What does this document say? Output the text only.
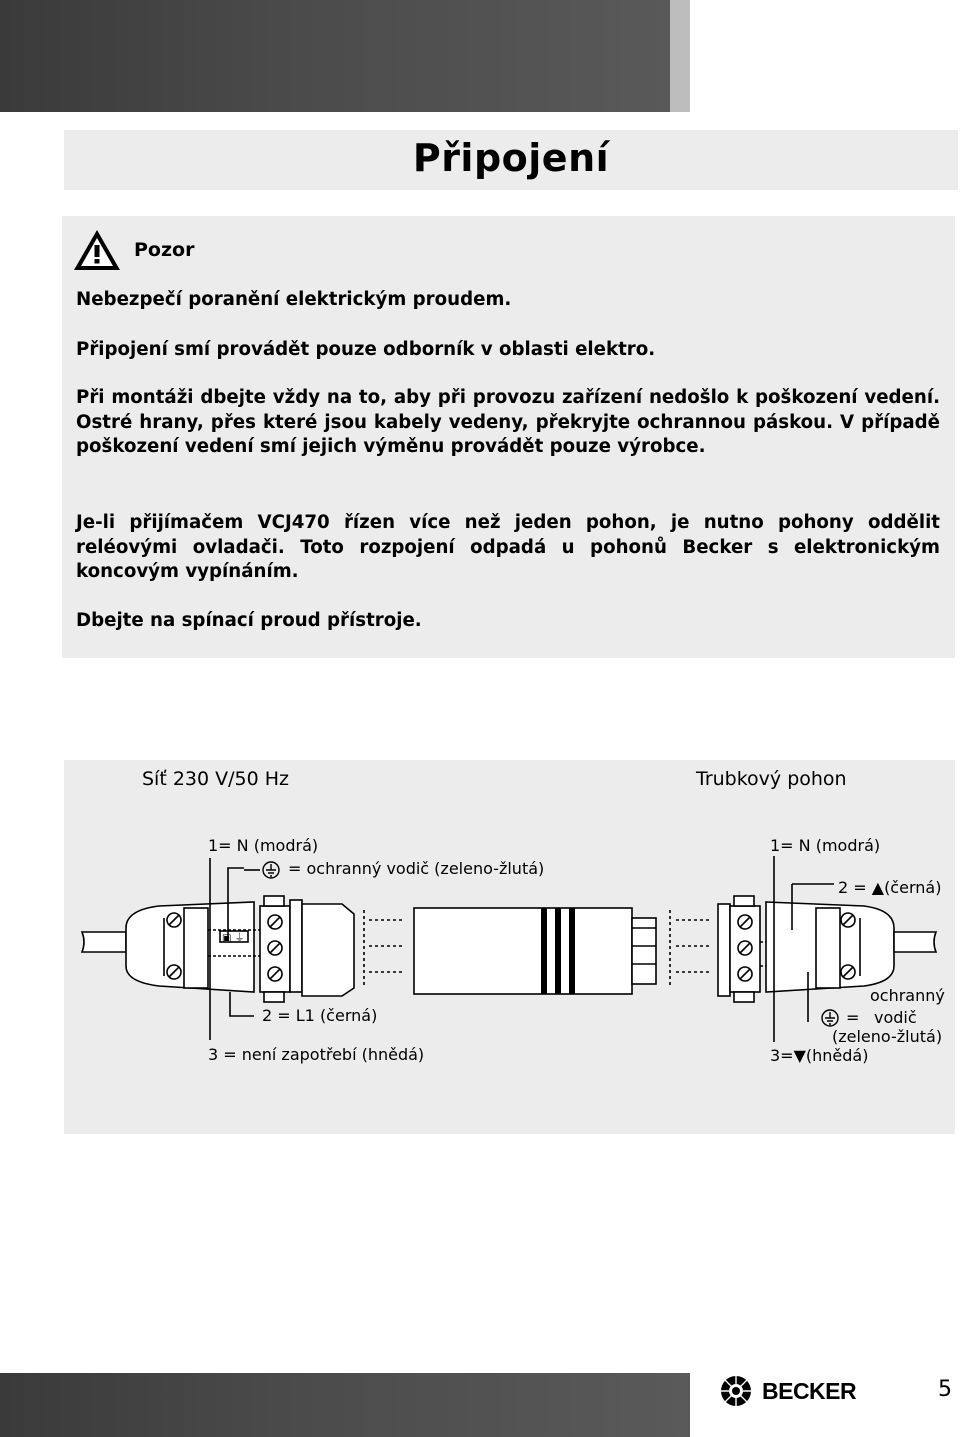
Připojení
Pozor

Nebezpečí poranění elektrickým proudem.

Připojení smí provádět pouze odborník v oblasti elektro.

Při montáži dbejte vždy na to, aby při provozu zařízení nedošlo k poškození vedení. Ostré hrany, přes které jsou kabely vedeny, překryjte ochrannou páskou. V případě poškození vedení smí jejich výměnu provádět pouze výrobce.

Je-li přijímačem VCJ470 řízen více než jeden pohon, je nutno pohony oddělit reléovými ovladači. Toto rozpojení odpadá u pohonů Becker s elektronickým koncovým vypínáním.

Dbejte na spínací proud přístroje.

Síť 230 V/50 Hz	Trubkový pohon
▣ ⏚
1= N (modrá)
= ochranný vodič (zeleno-žlutá)
2 = L1 (černá)
3 = není zapotřebí (hnědá)
1= N (modrá)
2 = ▲(černá)
ochranný
= vodič
(zeleno-žlutá)
3=▼(hnědá)
BECKER	5
